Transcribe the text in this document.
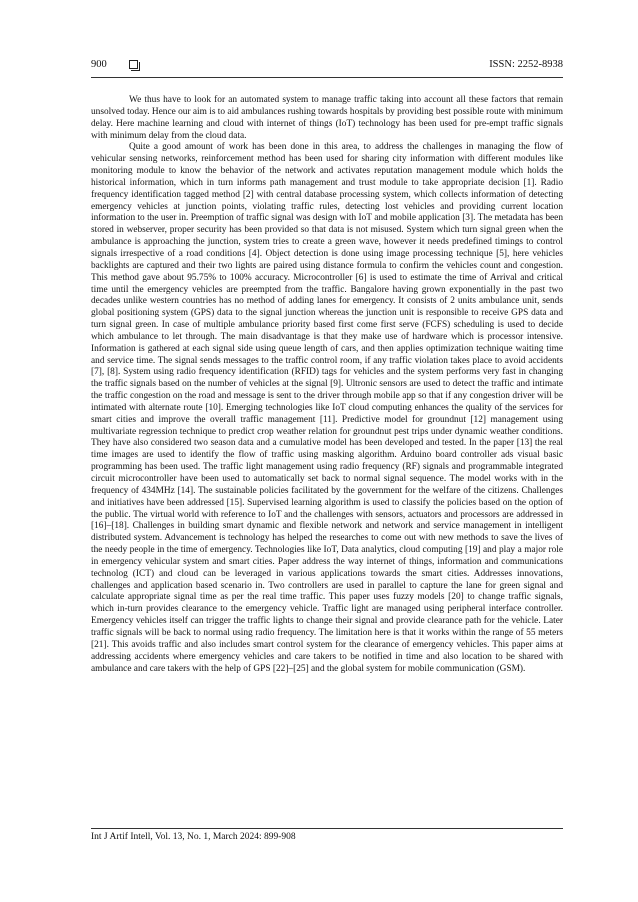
900	ISSN: 2252-8938

We thus have to look for an automated system to manage traffic taking into account all these factors that remain unsolved today. Hence our aim is to aid ambulances rushing towards hospitals by providing best possible route with minimum delay. Here machine learning and cloud with internet of things (IoT) technology has been used for pre-empt traffic signals with minimum delay from the cloud data.

Quite a good amount of work has been done in this area, to address the challenges in managing the flow of vehicular sensing networks, reinforcement method has been used for sharing city information with different modules like monitoring module to know the behavior of the network and activates reputation management module which holds the historical information, which in turn informs path management and trust module to take appropriate decision [1]. Radio frequency identification tagged method [2] with central database processing system, which collects information of detecting emergency vehicles at junction points, violating traffic rules, detecting lost vehicles and providing current location information to the user in. Preemption of traffic signal was design with IoT and mobile application [3]. The metadata has been stored in webserver, proper security has been provided so that data is not misused. System which turn signal green when the ambulance is approaching the junction, system tries to create a green wave, however it needs predefined timings to control signals irrespective of a road conditions [4]. Object detection is done using image processing technique [5], here vehicles backlights are captured and their two lights are paired using distance formula to confirm the vehicles count and congestion. This method gave about 95.75% to 100% accuracy. Microcontroller [6] is used to estimate the time of Arrival and critical time until the emergency vehicles are preempted from the traffic. Bangalore having grown exponentially in the past two decades unlike western countries has no method of adding lanes for emergency. It consists of 2 units ambulance unit, sends global positioning system (GPS) data to the signal junction whereas the junction unit is responsible to receive GPS data and turn signal green. In case of multiple ambulance priority based first come first serve (FCFS) scheduling is used to decide which ambulance to let through. The main disadvantage is that they make use of hardware which is processor intensive. Information is gathered at each signal side using queue length of cars, and then applies optimization technique waiting time and service time. The signal sends messages to the traffic control room, if any traffic violation takes place to avoid accidents [7], [8]. System using radio frequency identification (RFID) tags for vehicles and the system performs very fast in changing the traffic signals based on the number of vehicles at the signal [9]. Ultronic sensors are used to detect the traffic and intimate the traffic congestion on the road and message is sent to the driver through mobile app so that if any congestion driver will be intimated with alternate route [10]. Emerging technologies like IoT cloud computing enhances the quality of the services for smart cities and improve the overall traffic management [11]. Predictive model for groundnut [12] management using multivariate regression technique to predict crop weather relation for groundnut pest trips under dynamic weather conditions. They have also considered two season data and a cumulative model has been developed and tested. In the paper [13] the real time images are used to identify the flow of traffic using masking algorithm. Arduino board controller ads visual basic programming has been used. The traffic light management using radio frequency (RF) signals and programmable integrated circuit microcontroller have been used to automatically set back to normal signal sequence. The model works with in the frequency of 434MHz [14]. The sustainable policies facilitated by the government for the welfare of the citizens. Challenges and initiatives have been addressed [15]. Supervised learning algorithm is used to classify the policies based on the option of the public. The virtual world with reference to IoT and the challenges with sensors, actuators and processors are addressed in [16]–[18]. Challenges in building smart dynamic and flexible network and network and service management in intelligent distributed system. Advancement is technology has helped the researches to come out with new methods to save the lives of the needy people in the time of emergency. Technologies like IoT, Data analytics, cloud computing [19] and play a major role in emergency vehicular system and smart cities. Paper address the way internet of things, information and communications technolog (ICT) and cloud can be leveraged in various applications towards the smart cities. Addresses innovations, challenges and application based scenario in. Two controllers are used in parallel to capture the lane for green signal and calculate appropriate signal time as per the real time traffic. This paper uses fuzzy models [20] to change traffic signals, which in-turn provides clearance to the emergency vehicle. Traffic light are managed using peripheral interface controller. Emergency vehicles itself can trigger the traffic lights to change their signal and provide clearance path for the vehicle. Later traffic signals will be back to normal using radio frequency. The limitation here is that it works within the range of 55 meters [21]. This avoids traffic and also includes smart control system for the clearance of emergency vehicles. This paper aims at addressing accidents where emergency vehicles and care takers to be notified in time and also location to be shared with ambulance and care takers with the help of GPS [22]–[25] and the global system for mobile communication (GSM).

Int J Artif Intell, Vol. 13, No. 1, March 2024: 899-908
